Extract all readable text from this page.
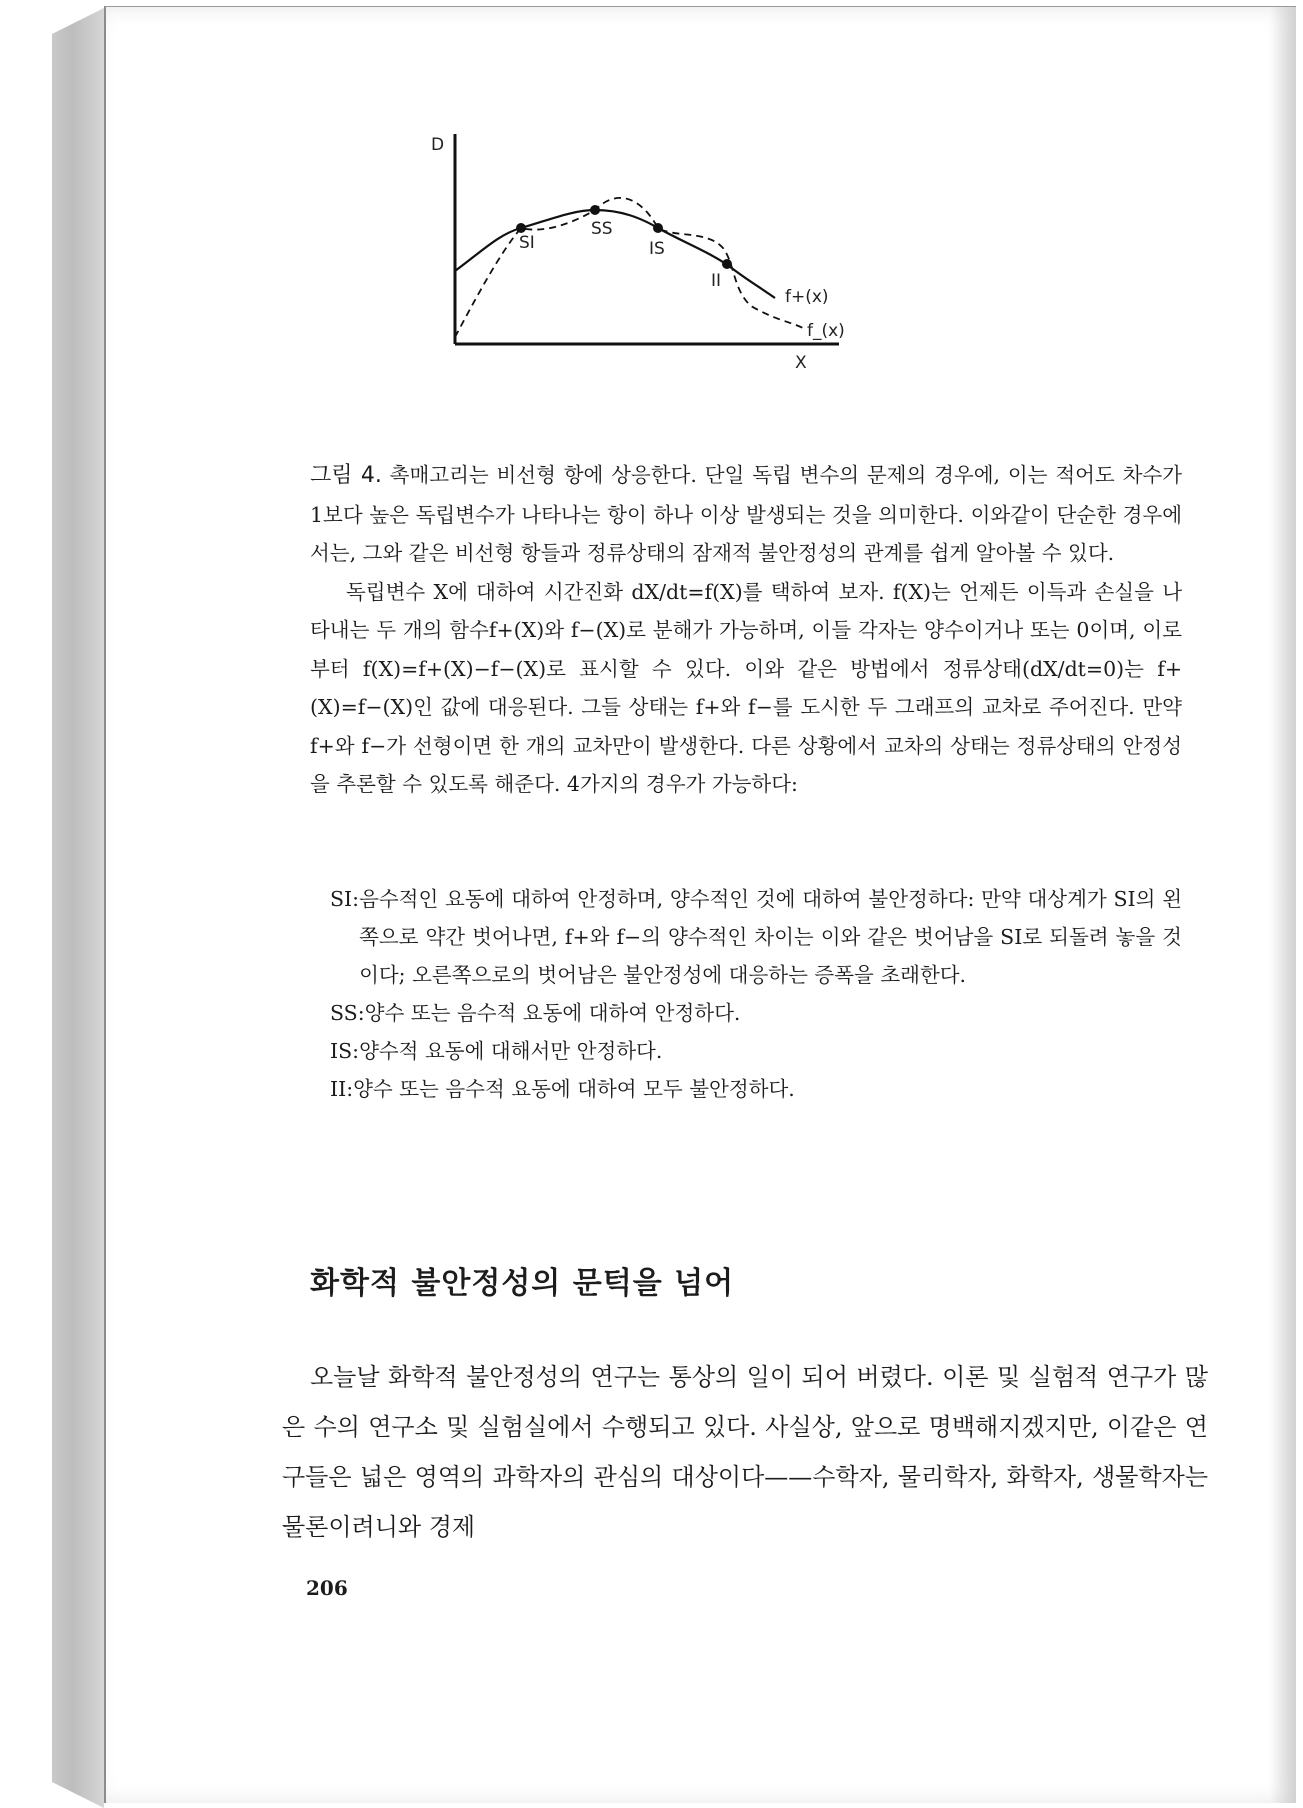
D
X
SI
SS
IS
II
f+(x)
f_(x)

그림 4. 촉매고리는 비선형 항에 상응한다. 단일 독립 변수의 문제의 경우에, 이는 적어도 차수가 1보다 높은 독립변수가 나타나는 항이 하나 이상 발생되는 것을 의미한다. 이와같이 단순한 경우에서는, 그와 같은 비선형 항들과 정류상태의 잠재적 불안정성의 관계를 쉽게 알아볼 수 있다.

독립변수 X에 대하여 시간진화 dX/dt=f(X)를 택하여 보자. f(X)는 언제든 이득과 손실을 나타내는 두 개의 함수f+(X)와 f−(X)로 분해가 가능하며, 이들 각자는 양수이거나 또는 0이며, 이로부터 f(X)=f+(X)−f−(X)로 표시할 수 있다. 이와 같은 방법에서 정류상태(dX/dt=0)는 f+(X)=f−(X)인 값에 대응된다. 그들 상태는 f+와 f−를 도시한 두 그래프의 교차로 주어진다. 만약 f+와 f−가 선형이면 한 개의 교차만이 발생한다. 다른 상황에서 교차의 상태는 정류상태의 안정성을 추론할 수 있도록 해준다. 4가지의 경우가 가능하다:

SI: 음수적인 요동에 대하여 안정하며, 양수적인 것에 대하여 불안정하다: 만약 대상계가 SI의 왼쪽으로 약간 벗어나면, f+와 f−의 양수적인 차이는 이와 같은 벗어남을 SI로 되돌려 놓을 것이다; 오른쪽으로의 벗어남은 불안정성에 대응하는 증폭을 초래한다.
SS: 양수 또는 음수적 요동에 대하여 안정하다.
IS: 양수적 요동에 대해서만 안정하다.
II: 양수 또는 음수적 요동에 대하여 모두 불안정하다.
화학적 불안정성의 문턱을 넘어

오늘날 화학적 불안정성의 연구는 통상의 일이 되어 버렸다. 이론 및 실험적 연구가 많은 수의 연구소 및 실험실에서 수행되고 있다. 사실상, 앞으로 명백해지겠지만, 이같은 연구들은 넓은 영역의 과학자의 관심의 대상이다——수학자, 물리학자, 화학자, 생물학자는 물론이려니와 경제

206
